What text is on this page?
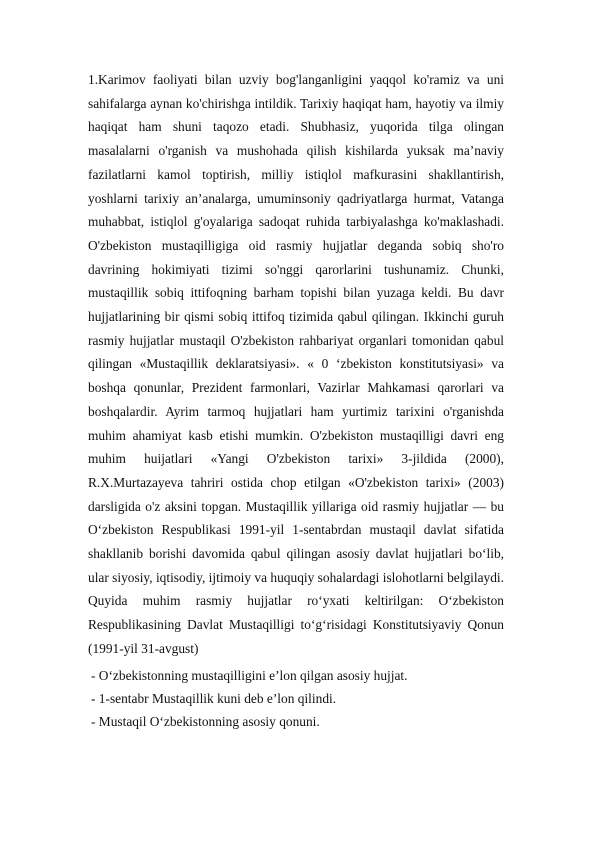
1.Karimov faoliyati bilan uzviy bog'langanligini yaqqol ko'ramiz va uni sahifalarga aynan ko'chirishga intildik. Tarixiy haqiqat ham, hayotiy va ilmiy haqiqat ham shuni taqozo etadi. Shubhasiz, yuqorida tilga olingan masalalarni o'rganish va mushohada qilish kishilarda yuksak ma’naviy fazilatlarni kamol toptirish, milliy istiqlol mafkurasini shakllantirish, yoshlarni tarixiy an’analarga, umuminsoniy qadriyatlarga hurmat, Vatanga muhabbat, istiqlol g'oyalariga sadoqat ruhida tarbiyalashga ko'maklashadi. O'zbekiston mustaqilligiga oid rasmiy hujjatlar deganda sobiq sho'ro davrining hokimiyati tizimi so'nggi qarorlarini tushunamiz. Chunki, mustaqillik sobiq ittifoqning barham topishi bilan yuzaga keldi. Bu davr hujjatlarining bir qismi sobiq ittifoq tizimida qabul qilingan. Ikkinchi guruh rasmiy hujjatlar mustaqil O'zbekiston rahbariyat organlari tomonidan qabul qilingan «Mustaqillik deklaratsiyasi». « 0 ‘zbekiston konstitutsiyasi» va boshqa qonunlar, Prezident farmonlari, Vazirlar Mahkamasi qarorlari va boshqalardir. Ayrim tarmoq hujjatlari ham yurtimiz tarixini o'rganishda muhim ahamiyat kasb etishi mumkin. O'zbekiston mustaqilligi davri eng muhim huijatlari «Yangi O'zbekiston tarixi» 3-jildida (2000), R.X.Murtazayeva tahriri ostida chop etilgan «O'zbekiston tarixi» (2003) darsligida o'z aksini topgan. Mustaqillik yillariga oid rasmiy hujjatlar — bu O‘zbekiston Respublikasi 1991-yil 1-sentabrdan mustaqil davlat sifatida shakllanib borishi davomida qabul qilingan asosiy davlat hujjatlari bo‘lib, ular siyosiy, iqtisodiy, ijtimoiy va huquqiy sohalardagi islohotlarni belgilaydi. Quyida muhim rasmiy hujjatlar ro‘yxati keltirilgan: O‘zbekiston Respublikasining Davlat Mustaqilligi to‘g‘risidagi Konstitutsiyaviy Qonun (1991-yil 31-avgust)

- O‘zbekistonning mustaqilligini e’lon qilgan asosiy hujjat.
- 1-sentabr Mustaqillik kuni deb e’lon qilindi.
- Mustaqil O‘zbekistonning asosiy qonuni.
